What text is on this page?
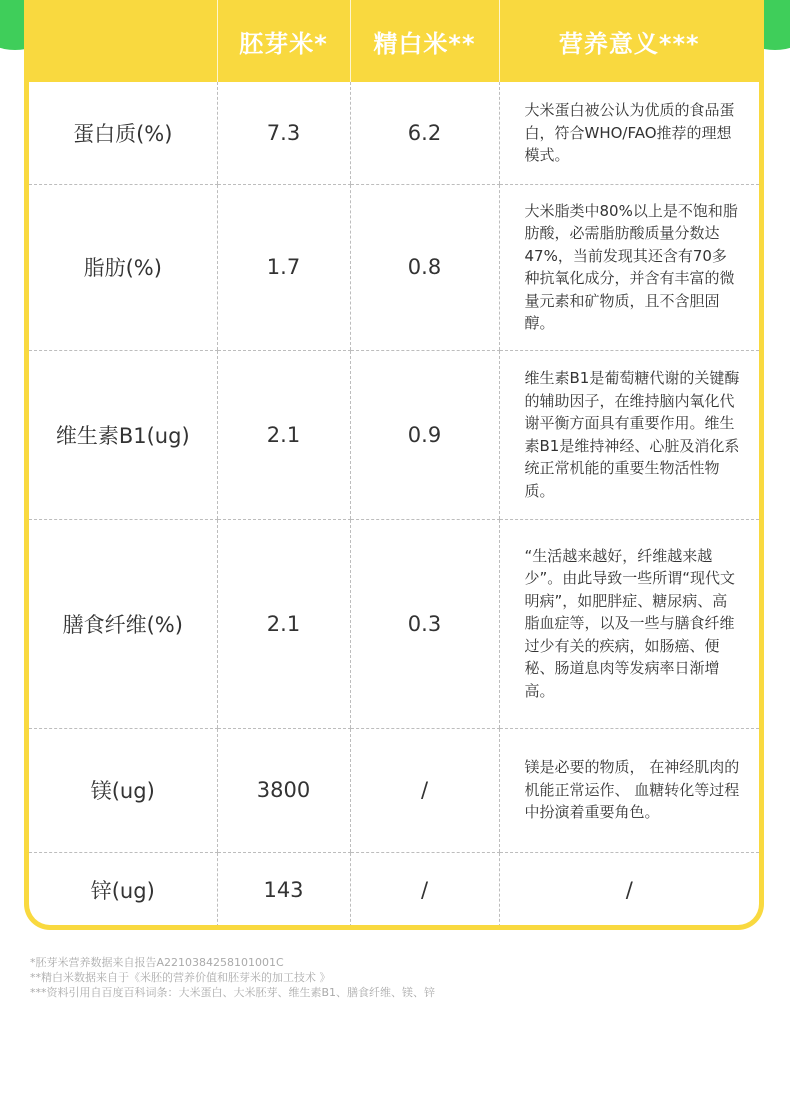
	胚芽米*	精白米**	营养意义***
蛋白质(%)	7.3	6.2	大米蛋白被公认为优质的食品蛋白，符合WHO/FAO推荐的理想模式。
脂肪(%)	1.7	0.8	大米脂类中80%以上是不饱和脂肪酸，必需脂肪酸质量分数达47%，当前发现其还含有70多种抗氧化成分，并含有丰富的微量元素和矿物质，且不含胆固醇。
维生素B1(ug)	2.1	0.9	维生素B1是葡萄糖代谢的关键酶的辅助因子，在维持脑内氧化代谢平衡方面具有重要作用。维生素B1是维持神经、心脏及消化系统正常机能的重要生物活性物质。
膳食纤维(%)	2.1	0.3	“生活越来越好，纤维越来越少”。由此导致一些所谓“现代文明病”，如肥胖症、糖尿病、高脂血症等，以及一些与膳食纤维过少有关的疾病，如肠癌、便秘、肠道息肉等发病率日渐增高。
镁(ug)	3800	/	镁是必要的物质， 在神经肌肉的机能正常运作、 血糖转化等过程中扮演着重要角色。
锌(ug)	143	/	/
*胚芽米营养数据来自报告A2210384258101001C
**精白米数据来自于《米胚的营养价值和胚芽米的加工技术 》
***资料引用自百度百科词条：大米蛋白、大米胚芽、维生素B1、膳食纤维、镁、锌
